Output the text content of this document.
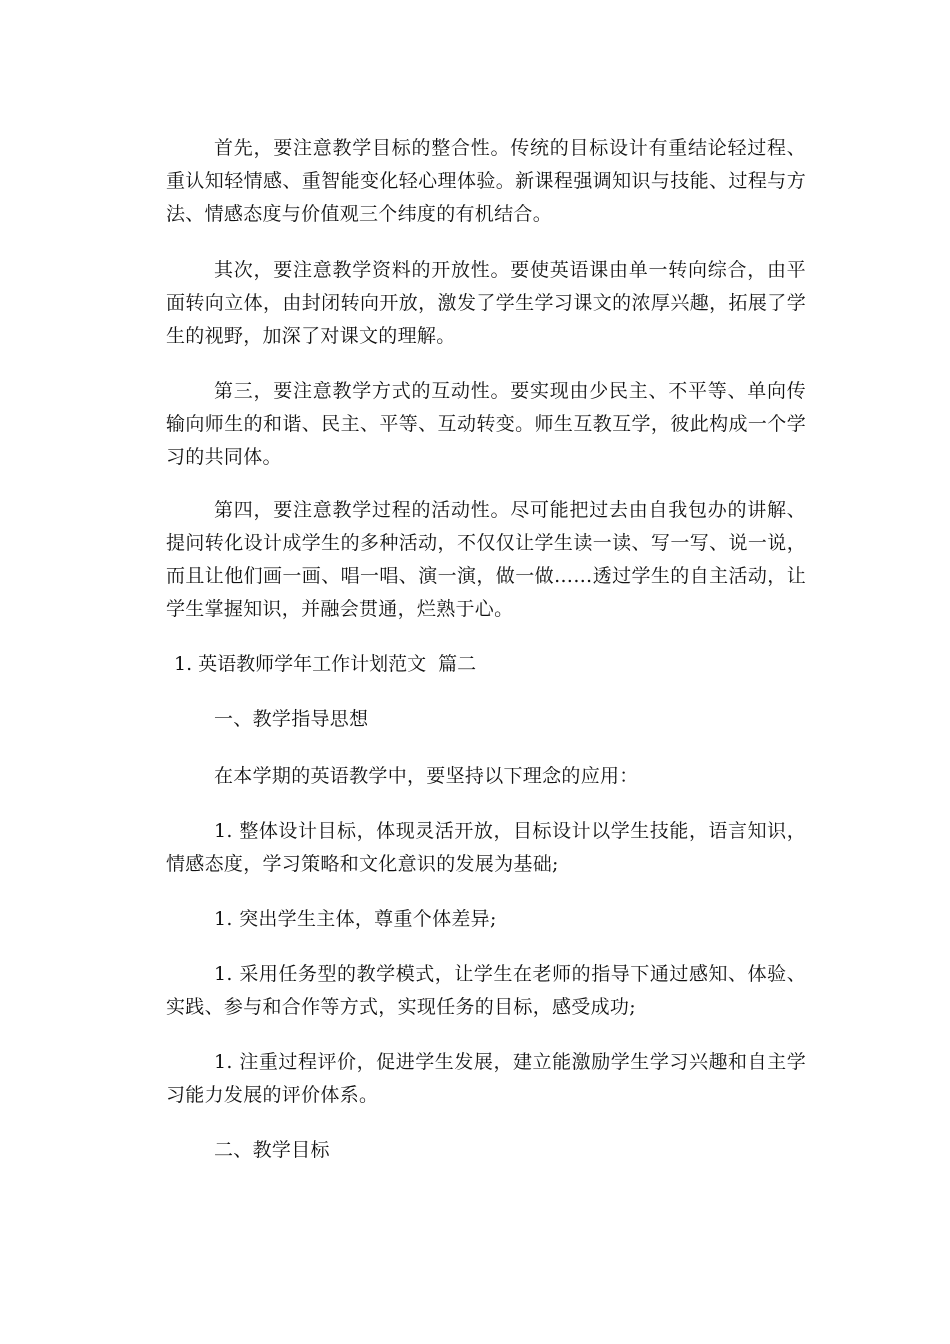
首先，要注意教学目标的整合性。传统的目标设计有重结论轻过程、重认知轻情感、重智能变化轻心理体验。新课程强调知识与技能、过程与方法、情感态度与价值观三个纬度的有机结合。

其次，要注意教学资料的开放性。要使英语课由单一转向综合，由平面转向立体，由封闭转向开放，激发了学生学习课文的浓厚兴趣，拓展了学生的视野，加深了对课文的理解。

第三，要注意教学方式的互动性。要实现由少民主、不平等、单向传输向师生的和谐、民主、平等、互动转变。师生互教互学，彼此构成一个学习的共同体。

第四，要注意教学过程的活动性。尽可能把过去由自我包办的讲解、提问转化设计成学生的多种活动，不仅仅让学生读一读、写一写、说一说，而且让他们画一画、唱一唱、演一演，做一做……透过学生的自主活动，让学生掌握知识，并融会贯通，烂熟于心。

1. 英语教师学年工作计划范文 篇二

一、教学指导思想

在本学期的英语教学中，要坚持以下理念的应用：

1. 整体设计目标，体现灵活开放，目标设计以学生技能，语言知识，情感态度，学习策略和文化意识的发展为基础;

1. 突出学生主体，尊重个体差异;

1. 采用任务型的教学模式，让学生在老师的指导下通过感知、体验、实践、参与和合作等方式，实现任务的目标，感受成功;

1. 注重过程评价，促进学生发展，建立能激励学生学习兴趣和自主学习能力发展的评价体系。

二、教学目标
